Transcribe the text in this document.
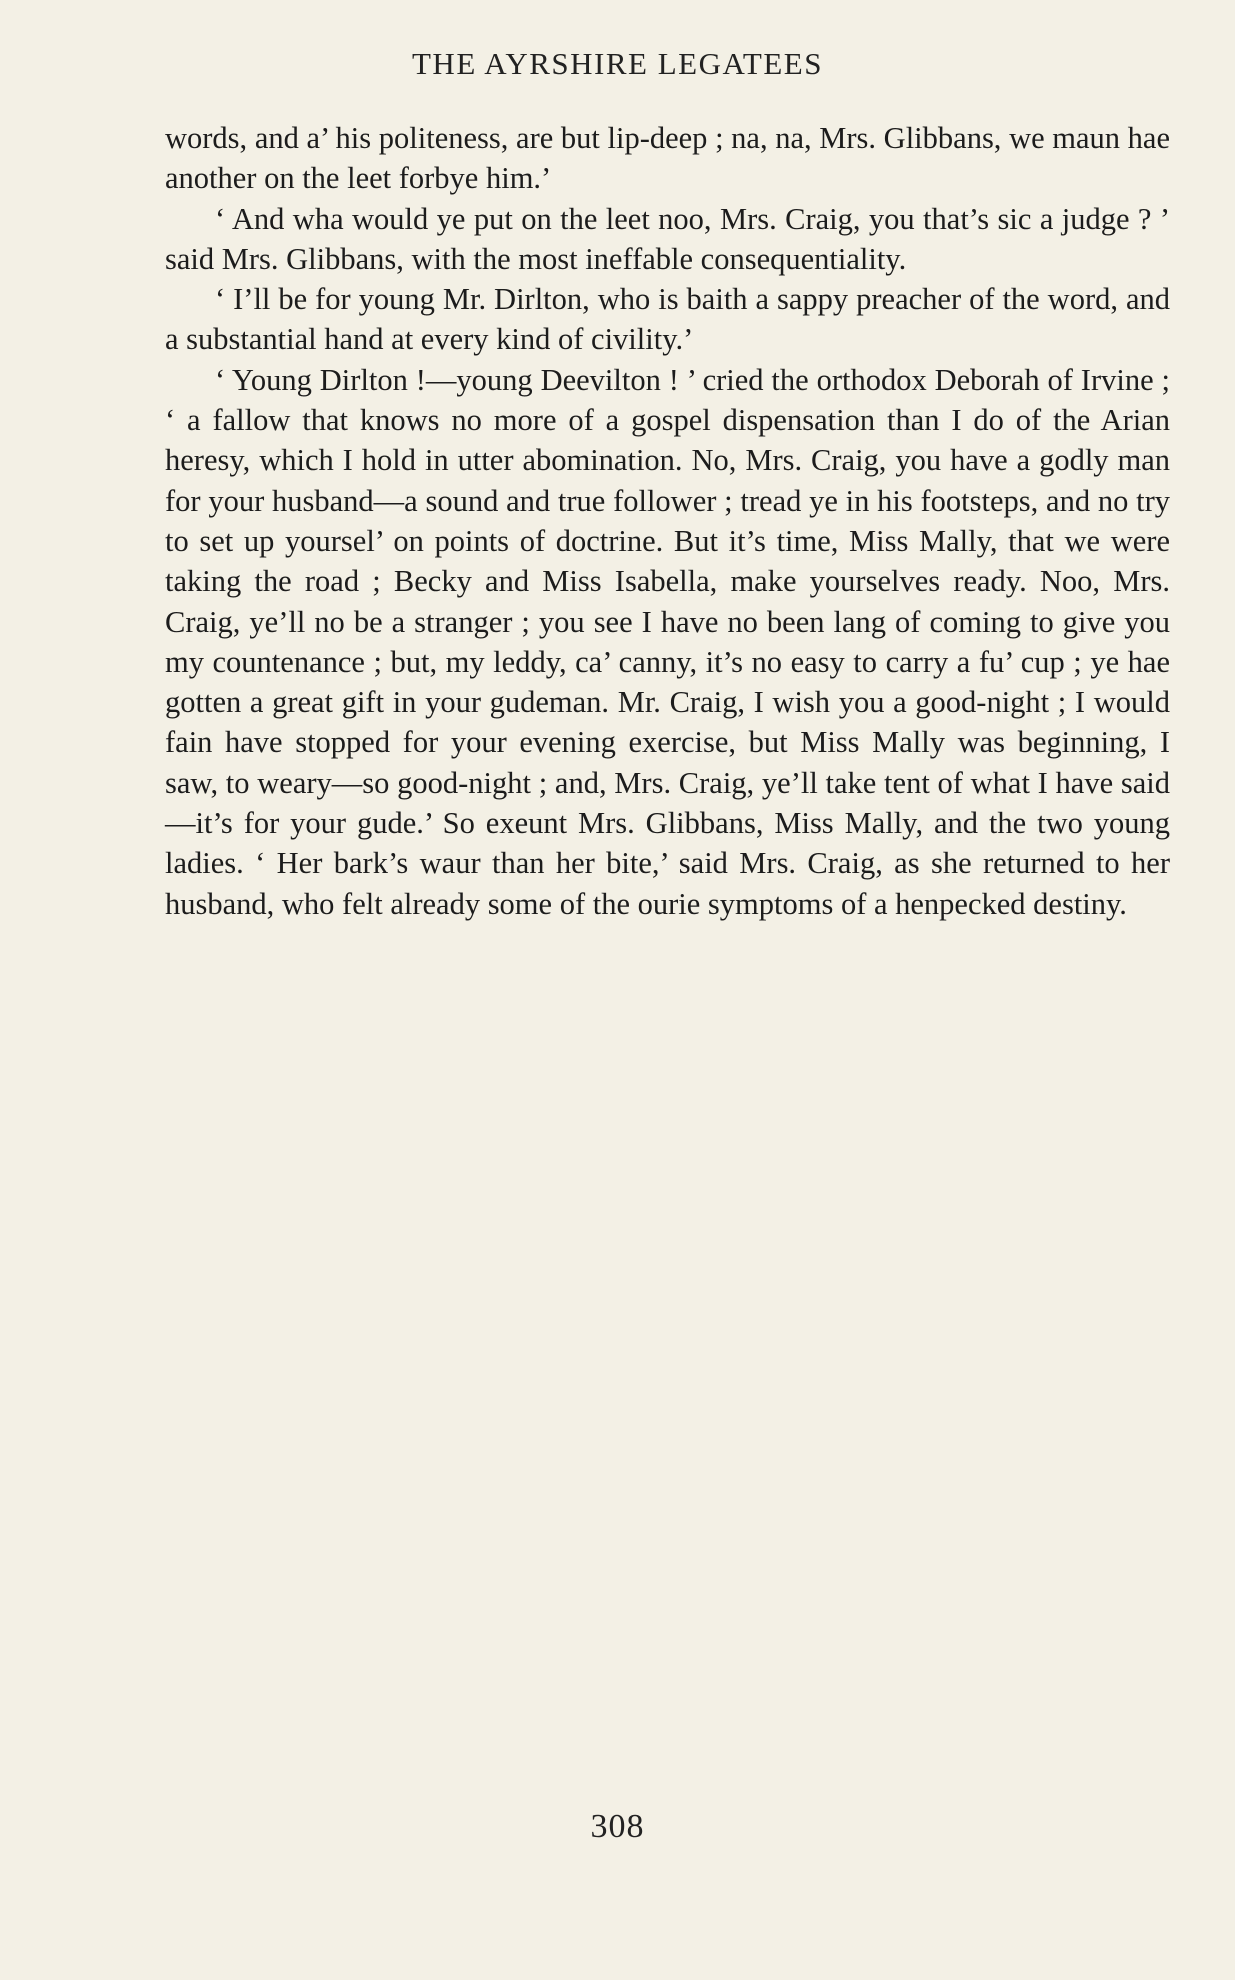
THE AYRSHIRE LEGATEES

words, and a’ his politeness, are but lip-deep ; na, na, Mrs. Glibbans, we maun hae another on the leet forbye him.’

‘ And wha would ye put on the leet noo, Mrs. Craig, you that’s sic a judge ? ’ said Mrs. Glibbans, with the most ineffable consequentiality.

‘ I’ll be for young Mr. Dirlton, who is baith a sappy preacher of the word, and a substantial hand at every kind of civility.’

‘ Young Dirlton !—young Deevilton ! ’ cried the orthodox Deborah of Irvine ; ‘ a fallow that knows no more of a gospel dispensation than I do of the Arian heresy, which I hold in utter abomination. No, Mrs. Craig, you have a godly man for your husband—a sound and true follower ; tread ye in his footsteps, and no try to set up yoursel’ on points of doctrine. But it’s time, Miss Mally, that we were taking the road ; Becky and Miss Isabella, make yourselves ready. Noo, Mrs. Craig, ye’ll no be a stranger ; you see I have no been lang of coming to give you my countenance ; but, my leddy, ca’ canny, it’s no easy to carry a fu’ cup ; ye hae gotten a great gift in your gudeman. Mr. Craig, I wish you a good-night ; I would fain have stopped for your evening exercise, but Miss Mally was beginning, I saw, to weary—so good-night ; and, Mrs. Craig, ye’ll take tent of what I have said—it’s for your gude.’ So exeunt Mrs. Glibbans, Miss Mally, and the two young ladies. ‘ Her bark’s waur than her bite,’ said Mrs. Craig, as she returned to her husband, who felt already some of the ourie symptoms of a henpecked destiny.

308
